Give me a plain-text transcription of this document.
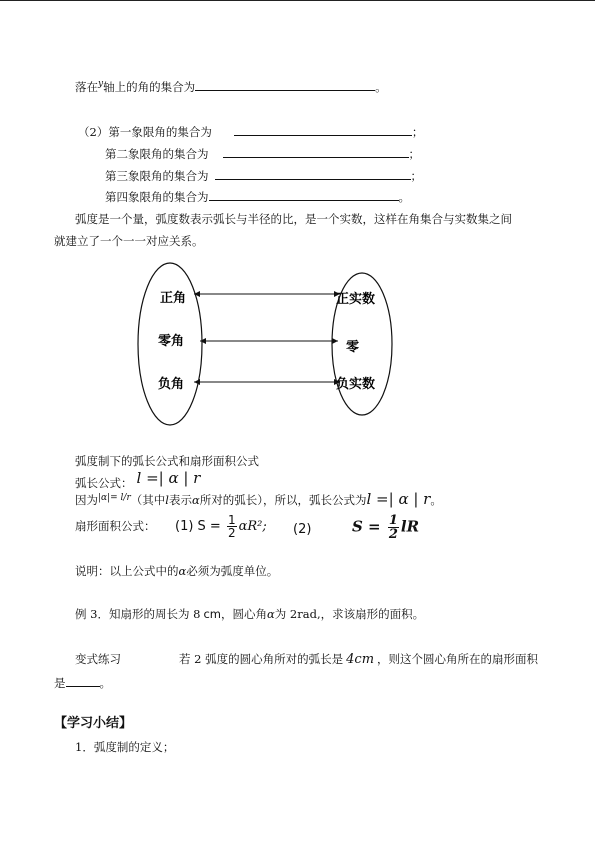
落在$^y$轴上的角的集合为	。
（2）第一象限角的集合为	；
第二象限角的集合为	；
第三象限角的集合为	；
第四象限角的集合为	。
弧度是一个量，弧度数表示弧长与半径的比，是一个实数，这样在角集合与实数集之间
就建立了一个一一对应关系。
正角
零角
负角
正实数
零
负实数
弧度制下的弧长公式和扇形面积公式
弧长公式： l =| α | r
因为$^{|\alpha|= l/r}$（其中l表示α所对的弧长），所以，弧长公式为l =| α | r。
扇形面积公式： (1) $S = \frac{1}{2} \alpha R^2$; (2)	$S = \frac{1}{2}$ lR
说明：以上公式中的α必须为弧度单位。
例 3．知扇形的周长为 8 cm，圆心角α为 2rad,，求该扇形的面积。
变式练习	若 2 弧度的圆心角所对的弧长是 4cm ，则这个圆心角所在的扇形面积
是	。
【学习小结】
1．弧度制的定义；
